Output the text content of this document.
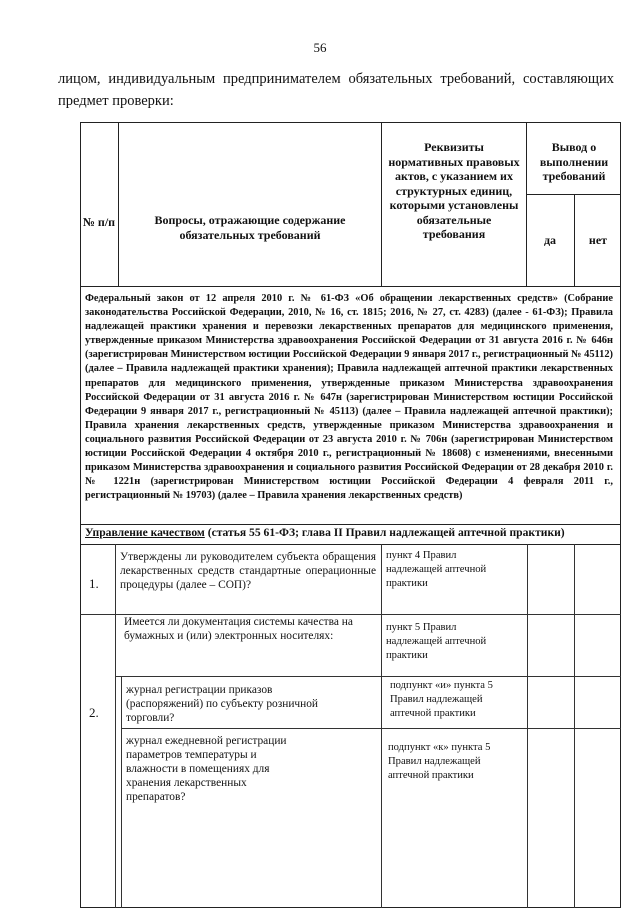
56
лицом, индивидуальным предпринимателем обязательных требований, составляющих предмет проверки:
№ п/п	Вопросы, отражающие содержание обязательных требований
Реквизиты нормативных правовых актов, с указанием их структурных единиц, которыми установлены обязательные требования
Вывод о выполнении требований
да	нет
Федеральный закон от 12 апреля 2010 г. № 61-ФЗ «Об обращении лекарственных средств» (Собрание законодательства Российской Федерации, 2010, № 16, ст. 1815; 2016, № 27, ст. 4283) (далее - 61-ФЗ); Правила надлежащей практики хранения и перевозки лекарственных препаратов для медицинского применения, утвержденные приказом Министерства здравоохранения Российской Федерации от 31 августа 2016 г. № 646н (зарегистрирован Министерством юстиции Российской Федерации 9 января 2017 г., регистрационный № 45112) (далее – Правила надлежащей практики хранения); Правила надлежащей аптечной практики лекарственных препаратов для медицинского применения, утвержденные приказом Министерства здравоохранения Российской Федерации от 31 августа 2016 г. № 647н (зарегистрирован Министерством юстиции Российской Федерации 9 января 2017 г., регистрационный № 45113) (далее – Правила надлежащей аптечной практики); Правила хранения лекарственных средств, утвержденные приказом Министерства здравоохранения и социального развития Российской Федерации от 23 августа 2010 г. № 706н (зарегистрирован Министерством юстиции Российской Федерации 4 октября 2010 г., регистрационный № 18608) с изменениями, внесенными приказом Министерства здравоохранения и социального развития Российской Федерации от 28 декабря 2010 г. № 1221н (зарегистрирован Министерством юстиции Российской Федерации 4 февраля 2011 г., регистрационный № 19703) (далее – Правила хранения лекарственных средств)
Управление качеством (статья 55 61-ФЗ; глава II Правил надлежащей аптечной практики)
1.
Утверждены ли руководителем субъекта обращения лекарственных средств стандартные операционные процедуры (далее – СОП)?
пункт 4 Правил надлежащей аптечной практики
2.
Имеется ли документация системы качества на бумажных и (или) электронных носителях:
пункт 5 Правил надлежащей аптечной практики
журнал регистрации приказов (распоряжений) по субъекту розничной торговли?
подпункт «и» пункта 5 Правил надлежащей аптечной практики
журнал ежедневной регистрации параметров температуры и влажности в помещениях для хранения лекарственных препаратов?
подпункт «к» пункта 5 Правил надлежащей аптечной практики
